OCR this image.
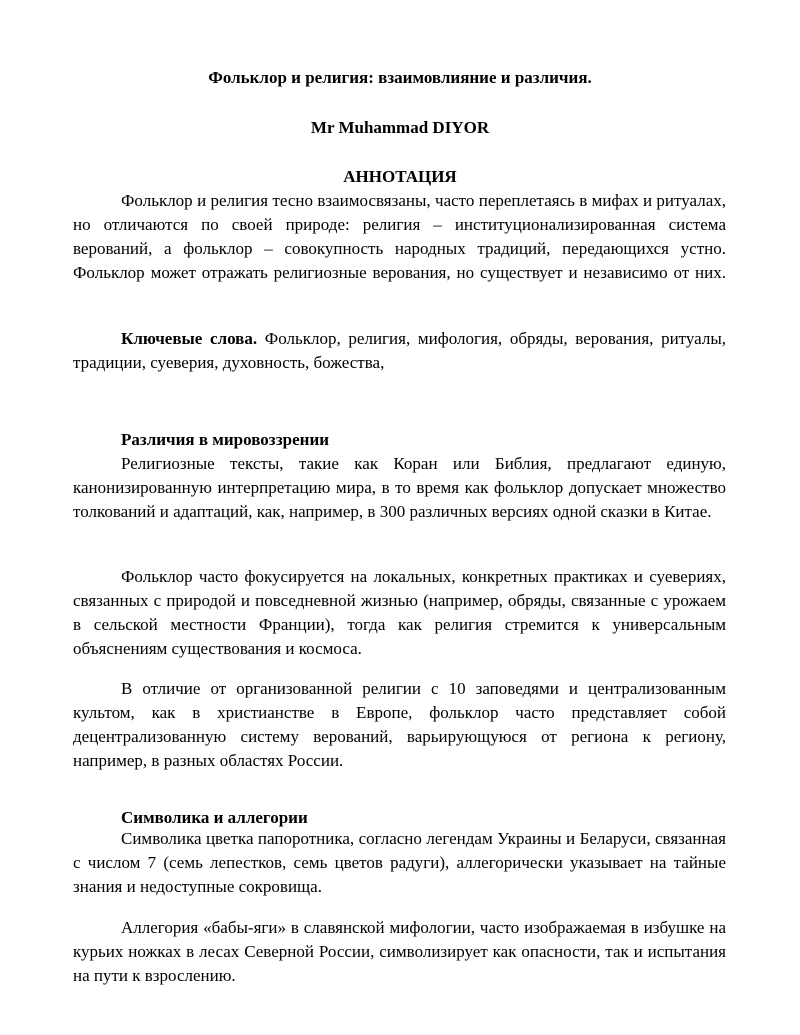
Фольклор и религия: взаимовлияние и различия.
Mr Muhammad DIYOR
АННОТАЦИЯ

Фольклор и религия тесно взаимосвязаны, часто переплетаясь в мифах и ритуалах, но отличаются по своей природе: религия – институционализированная система верований, а фольклор – совокупность народных традиций, передающихся устно. Фольклор может отражать религиозные верования, но существует и независимо от них.

Ключевые слова. Фольклор, религия, мифология, обряды, верования, ритуалы, традиции, суеверия, духовность, божества,

Различия в мировоззрении

Религиозные тексты, такие как Коран или Библия, предлагают единую, канонизированную интерпретацию мира, в то время как фольклор допускает множество толкований и адаптаций, как, например, в 300 различных версиях одной сказки в Китае.

Фольклор часто фокусируется на локальных, конкретных практиках и суевериях, связанных с природой и повседневной жизнью (например, обряды, связанные с урожаем в сельской местности Франции), тогда как религия стремится к универсальным объяснениям существования и космоса.

В отличие от организованной религии с 10 заповедями и централизованным культом, как в христианстве в Европе, фольклор часто представляет собой децентрализованную систему верований, варьирующуюся от региона к региону, например, в разных областях России.

Символика и аллегории

Символика цветка папоротника, согласно легендам Украины и Беларуси, связанная с числом 7 (семь лепестков, семь цветов радуги), аллегорически указывает на тайные знания и недоступные сокровища.

Аллегория «бабы-яги» в славянской мифологии, часто изображаемая в избушке на курьих ножках в лесах Северной России, символизирует как опасности, так и испытания на пути к взрослению.
